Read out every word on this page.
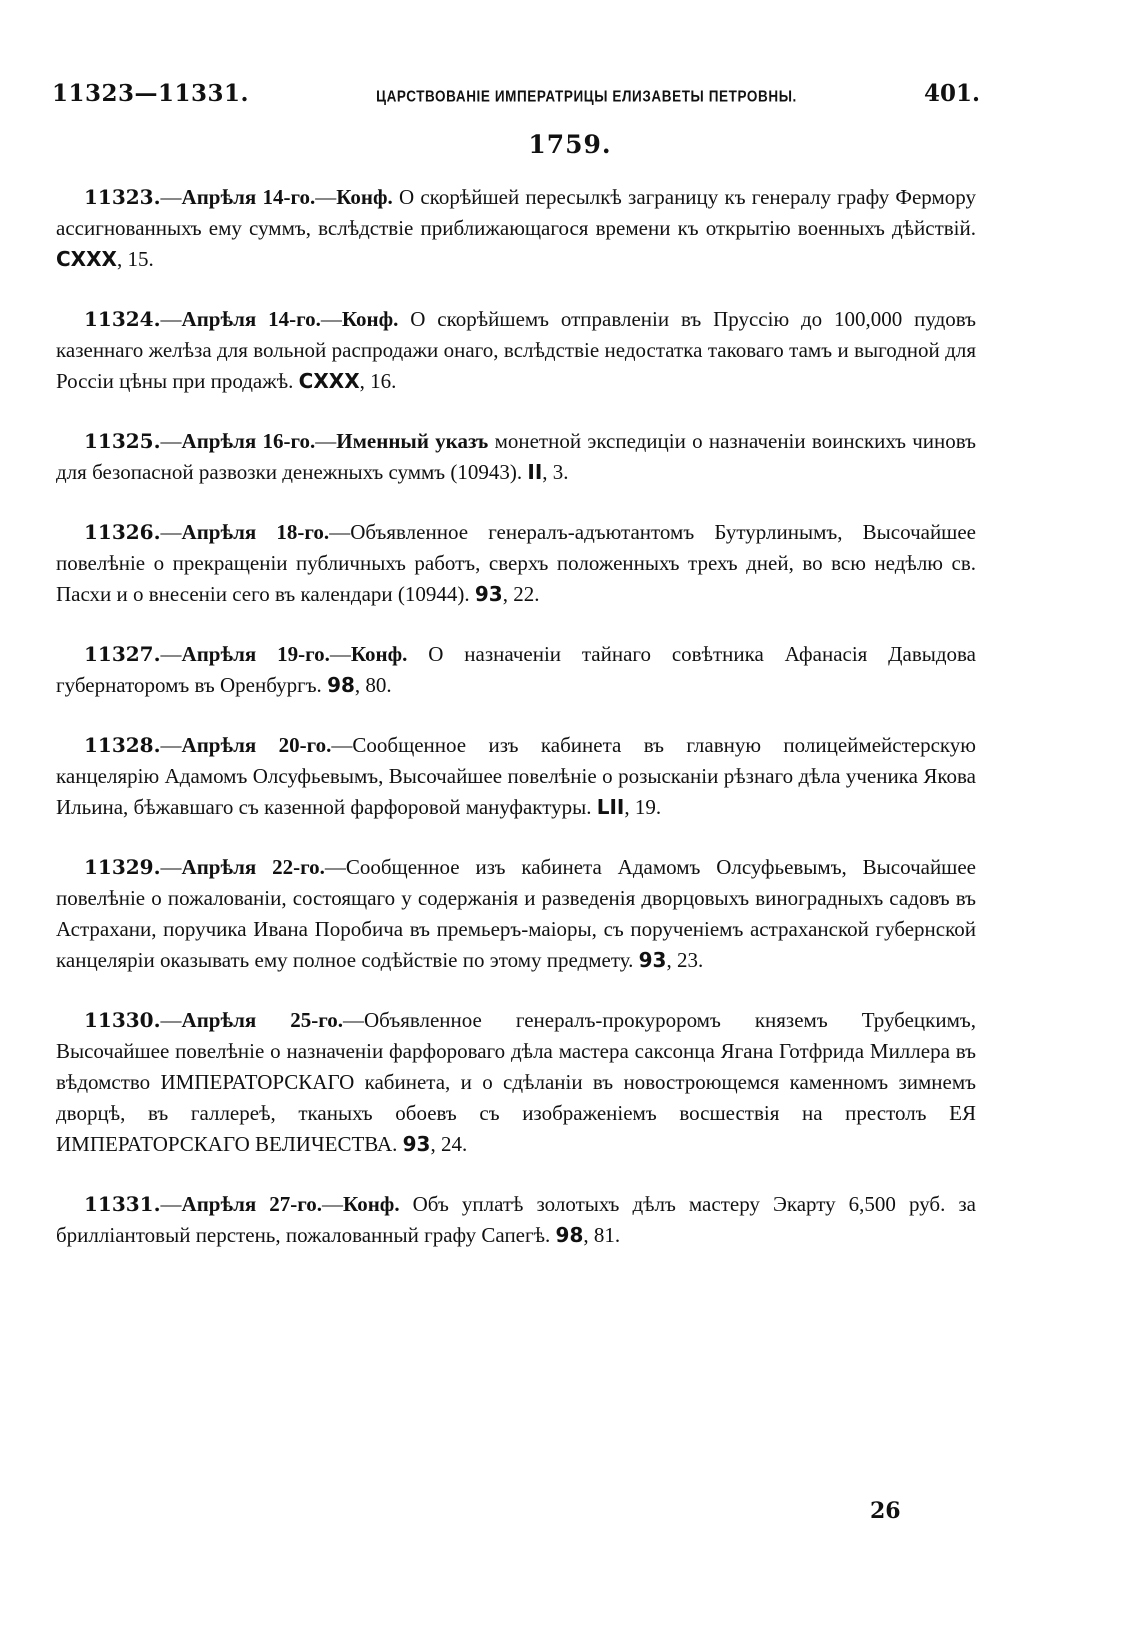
11323—11331.	ЦАРСТВОВАНІЕ ИМПЕРАТРИЦЫ ЕЛИЗАВЕТЫ ПЕТРОВНЫ.	401.
1759.

11323.—Апрѣля 14-го.—Конф. О скорѣйшей пересылкѣ заграницу къ генералу графу Фермору ассигнованныхъ ему суммъ, вслѣдствіе приближающагося времени къ открытію военныхъ дѣйствій. CXXX, 15.

11324.—Апрѣля 14-го.—Конф. О скорѣйшемъ отправленіи въ Пруссію до 100,000 пудовъ казеннаго желѣза для вольной распродажи онаго, вслѣдствіе недостатка таковаго тамъ и выгодной для Россіи цѣны при продажѣ. CXXX, 16.

11325.—Апрѣля 16-го.—Именный указъ монетной экспедиціи о назначеніи воинскихъ чиновъ для безопасной развозки денежныхъ суммъ (10943). II, 3.

11326.—Апрѣля 18-го.—Объявленное генералъ-адъютантомъ Бутурлинымъ, Высочайшее повелѣніе о прекращеніи публичныхъ работъ, сверхъ положенныхъ трехъ дней, во всю недѣлю св. Пасхи и о внесеніи сего въ календари (10944). 93, 22.

11327.—Апрѣля 19-го.—Конф. О назначеніи тайнаго совѣтника Афанасія Давыдова губернаторомъ въ Оренбургъ. 98, 80.

11328.—Апрѣля 20-го.—Сообщенное изъ кабинета въ главную полицеймейстерскую канцелярію Адамомъ Олсуфьевымъ, Высочайшее повелѣніе о розысканіи рѣзнаго дѣла ученика Якова Ильина, бѣжавшаго съ казенной фарфоровой мануфактуры. LII, 19.

11329.—Апрѣля 22-го.—Сообщенное изъ кабинета Адамомъ Олсуфьевымъ, Высочайшее повелѣніе о пожалованіи, состоящаго у содержанія и разведенія дворцовыхъ виноградныхъ садовъ въ Астрахани, поручика Ивана Поробича въ премьеръ-маіоры, съ порученіемъ астраханской губернской канцеляріи оказывать ему полное содѣйствіе по этому предмету. 93, 23.

11330.—Апрѣля 25-го.—Объявленное генералъ-прокуроромъ княземъ Трубецкимъ, Высочайшее повелѣніе о назначеніи фарфороваго дѣла мастера саксонца Ягана Готфрида Миллера въ вѣдомство ИМПЕРАТОРСКАГО кабинета, и о сдѣланіи въ новостроющемся каменномъ зимнемъ дворцѣ, въ галлереѣ, тканыхъ обоевъ съ изображеніемъ восшествія на престолъ ЕЯ ИМПЕРАТОРСКАГО ВЕЛИЧЕСТВА. 93, 24.

11331.—Апрѣля 27-го.—Конф. Объ уплатѣ золотыхъ дѣлъ мастеру Экарту 6,500 руб. за брилліантовый перстень, пожалованный графу Сапегѣ. 98, 81.

26
